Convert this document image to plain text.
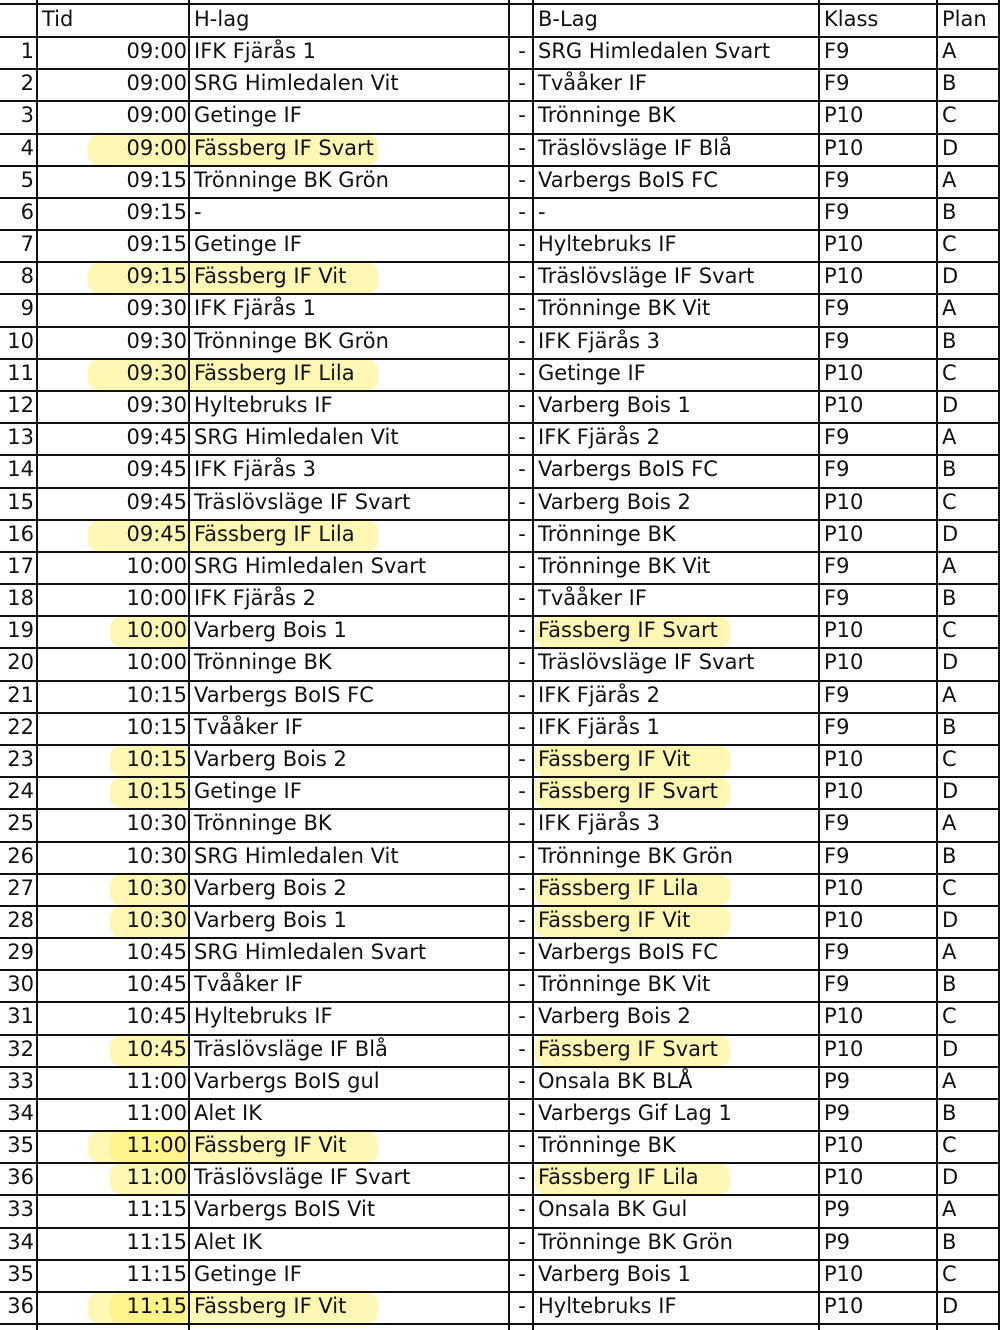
Tid	H-lag	B-Lag	Klass	Plan
1	09:00 IFK Fjärås 1	- SRG Himledalen Svart	F9	A
2	09:00 SRG Himledalen Vit	- Tvååker IF	F9	B
3	09:00 Getinge IF	- Trönninge BK	P10	C
4	09:00 Fässberg IF Svart	- Träslövsläge IF Blå	P10	D
5	09:15 Trönninge BK Grön	- Varbergs BoIS FC	F9	A
6	09:15 -	- -	F9	B
7	09:15 Getinge IF	- Hyltebruks IF	P10	C
8	09:15 Fässberg IF Vit	- Träslövsläge IF Svart	P10	D
9	09:30 IFK Fjärås 1	- Trönninge BK Vit	F9	A
10	09:30 Trönninge BK Grön	- IFK Fjärås 3	F9	B
11	09:30 Fässberg IF Lila	- Getinge IF	P10	C
12	09:30 Hyltebruks IF	- Varberg Bois 1	P10	D
13	09:45 SRG Himledalen Vit	- IFK Fjärås 2	F9	A
14	09:45 IFK Fjärås 3	- Varbergs BoIS FC	F9	B
15	09:45 Träslövsläge IF Svart	- Varberg Bois 2	P10	C
16	09:45 Fässberg IF Lila	- Trönninge BK	P10	D
17	10:00 SRG Himledalen Svart	- Trönninge BK Vit	F9	A
18	10:00 IFK Fjärås 2	- Tvååker IF	F9	B
19	10:00 Varberg Bois 1	- Fässberg IF Svart	P10	C
20	10:00 Trönninge BK	- Träslövsläge IF Svart	P10	D
21	10:15 Varbergs BoIS FC	- IFK Fjärås 2	F9	A
22	10:15 Tvååker IF	- IFK Fjärås 1	F9	B
23	10:15 Varberg Bois 2	- Fässberg IF Vit	P10	C
24	10:15 Getinge IF	- Fässberg IF Svart	P10	D
25	10:30 Trönninge BK	- IFK Fjärås 3	F9	A
26	10:30 SRG Himledalen Vit	- Trönninge BK Grön	F9	B
27	10:30 Varberg Bois 2	- Fässberg IF Lila	P10	C
28	10:30 Varberg Bois 1	- Fässberg IF Vit	P10	D
29	10:45 SRG Himledalen Svart	- Varbergs BoIS FC	F9	A
30	10:45 Tvååker IF	- Trönninge BK Vit	F9	B
31	10:45 Hyltebruks IF	- Varberg Bois 2	P10	C
32	10:45 Träslövsläge IF Blå	- Fässberg IF Svart	P10	D
33	11:00 Varbergs BoIS gul	- Onsala BK BLÅ	P9	A
34	11:00 Alet IK	- Varbergs Gif Lag 1	P9	B
35	11:00 Fässberg IF Vit	- Trönninge BK	P10	C
36	11:00 Träslövsläge IF Svart	- Fässberg IF Lila	P10	D
33	11:15 Varbergs BoIS Vit	- Onsala BK Gul	P9	A
34	11:15 Alet IK	- Trönninge BK Grön	P9	B
35	11:15 Getinge IF	- Varberg Bois 1	P10	C
36	11:15 Fässberg IF Vit	- Hyltebruks IF	P10	D
